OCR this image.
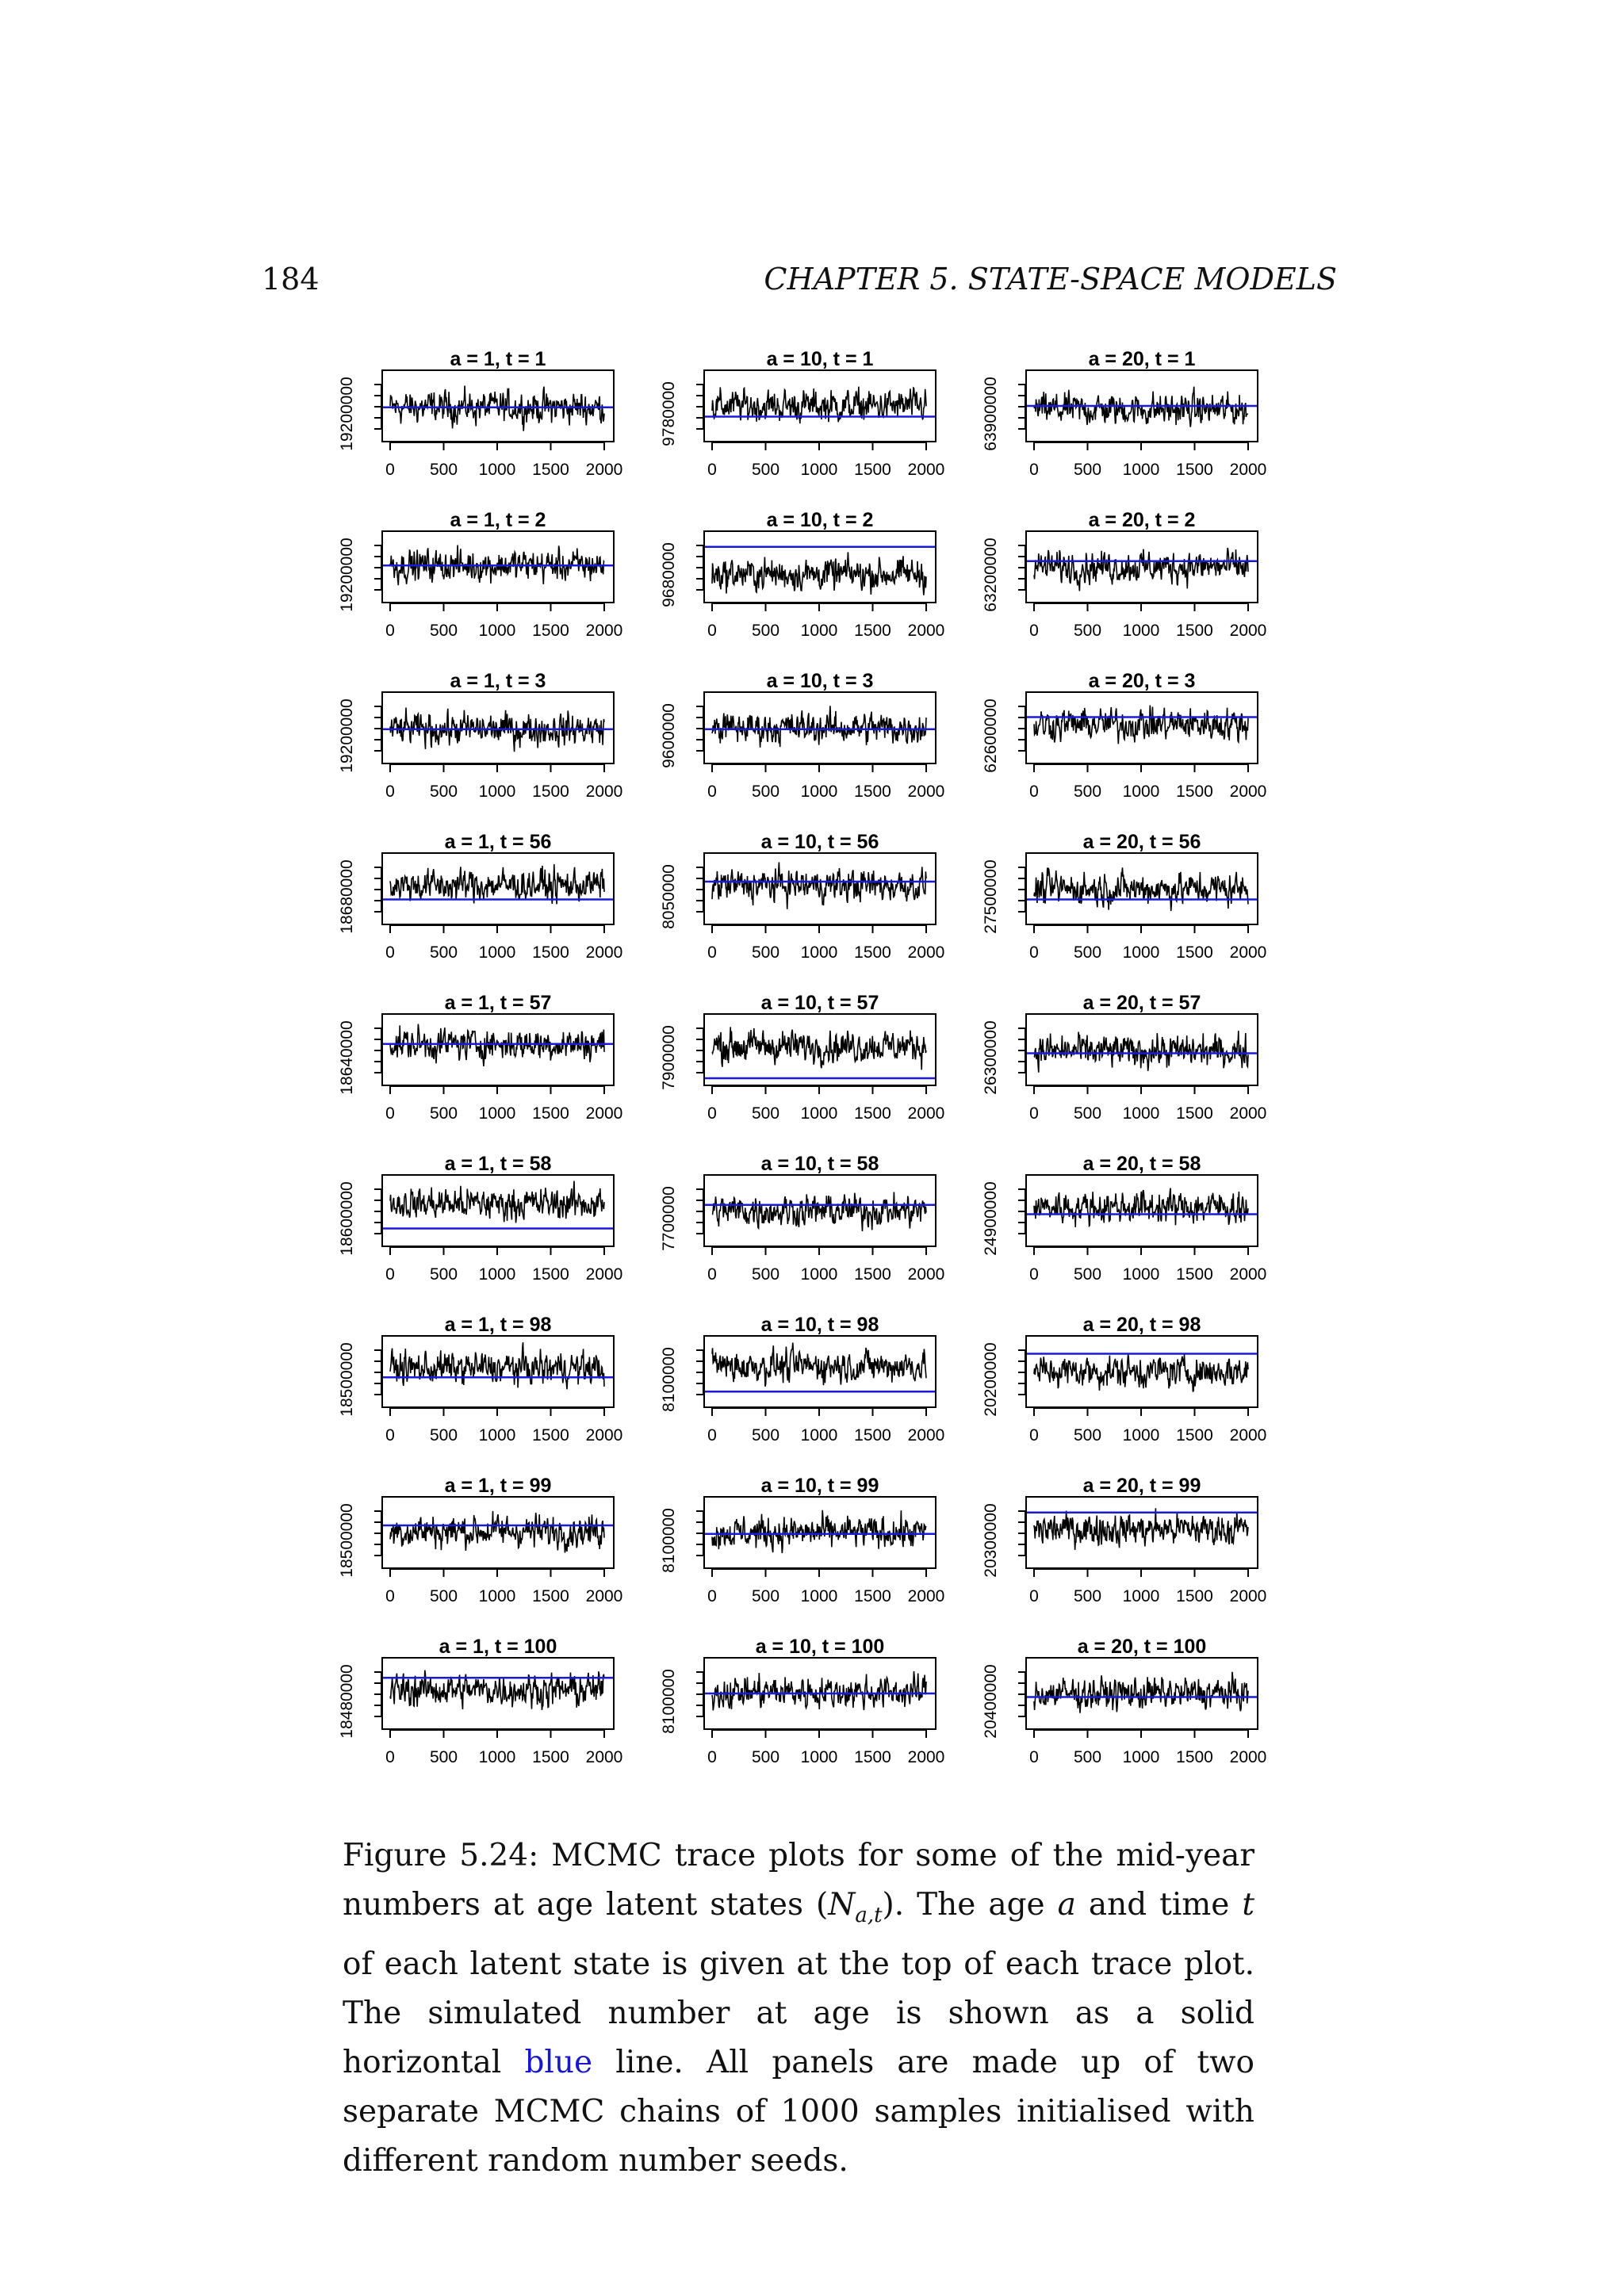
184	CHAPTER 5. STATE-SPACE MODELS
a = 1, t = 1
19200000
0 500 1000 1500 2000
a = 10, t = 1
9780000
0 500 1000 1500 2000
a = 20, t = 1
63900000
0 500 1000 1500 2000
a = 1, t = 2
19200000
0 500 1000 1500 2000
a = 10, t = 2
9680000
0 500 1000 1500 2000
a = 20, t = 2
63200000
0 500 1000 1500 2000
a = 1, t = 3
19200000
0 500 1000 1500 2000
a = 10, t = 3
9600000
0 500 1000 1500 2000
a = 20, t = 3
62600000
0 500 1000 1500 2000
a = 1, t = 56
18680000
0 500 1000 1500 2000
a = 10, t = 56
8050000
0 500 1000 1500 2000
a = 20, t = 56
27500000
0 500 1000 1500 2000
a = 1, t = 57
18640000
0 500 1000 1500 2000
a = 10, t = 57
7900000
0 500 1000 1500 2000
a = 20, t = 57
26300000
0 500 1000 1500 2000
a = 1, t = 58
18600000
0 500 1000 1500 2000
a = 10, t = 58
7700000
0 500 1000 1500 2000
a = 20, t = 58
24900000
0 500 1000 1500 2000
a = 1, t = 98
18500000
0 500 1000 1500 2000
a = 10, t = 98
8100000
0 500 1000 1500 2000
a = 20, t = 98
20200000
0 500 1000 1500 2000
a = 1, t = 99
18500000
0 500 1000 1500 2000
a = 10, t = 99
8100000
0 500 1000 1500 2000
a = 20, t = 99
20300000
0 500 1000 1500 2000
a = 1, t = 100
18480000
0 500 1000 1500 2000
a = 10, t = 100
8100000
0 500 1000 1500 2000
a = 20, t = 100
20400000
0 500 1000 1500 2000
Figure 5.24: MCMC trace plots for some of the mid-year numbers at age latent states $(N_{a,t})$. The age a and time t of each latent state is given at the top of each trace plot. The simulated number at age is shown as a solid horizontal blue line. All panels are made up of two separate MCMC chains of 1000 samples initialised with different random number seeds.
